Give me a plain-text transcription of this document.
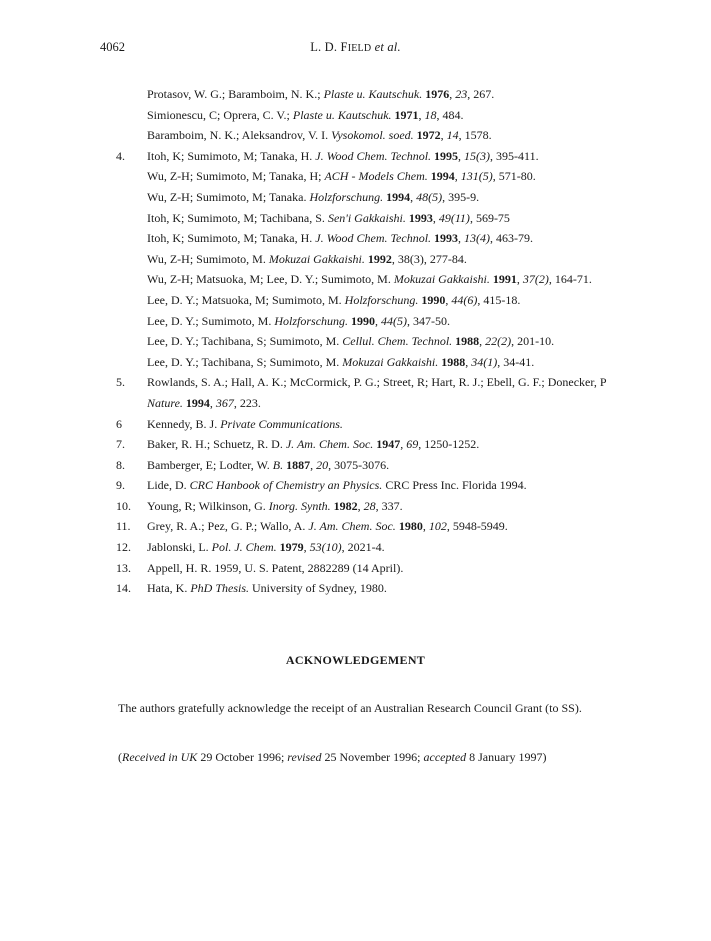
4062	L. D. FIELD et al.
Protasov, W. G.; Baramboim, N. K.; Plaste u. Kautschuk. 1976, 23, 267.
Simionescu, C; Oprera, C. V.; Plaste u. Kautschuk. 1971, 18, 484.
Baramboim, N. K.; Aleksandrov, V. I. Vysokomol. soed. 1972, 14, 1578.
4. Itoh, K; Sumimoto, M; Tanaka, H. J. Wood Chem. Technol. 1995, 15(3), 395-411.
Wu, Z-H; Sumimoto, M; Tanaka, H; ACH - Models Chem. 1994, 131(5), 571-80.
Wu, Z-H; Sumimoto, M; Tanaka. Holzforschung. 1994, 48(5), 395-9.
Itoh, K; Sumimoto, M; Tachibana, S. Sen'i Gakkaishi. 1993, 49(11), 569-75
Itoh, K; Sumimoto, M; Tanaka, H. J. Wood Chem. Technol. 1993, 13(4), 463-79.
Wu, Z-H; Sumimoto, M. Mokuzai Gakkaishi. 1992, 38(3), 277-84.
Wu, Z-H; Matsuoka, M; Lee, D. Y.; Sumimoto, M. Mokuzai Gakkaishi. 1991, 37(2), 164-71.
Lee, D. Y.; Matsuoka, M; Sumimoto, M. Holzforschung. 1990, 44(6), 415-18.
Lee, D. Y.; Sumimoto, M. Holzforschung. 1990, 44(5), 347-50.
Lee, D. Y.; Tachibana, S; Sumimoto, M. Cellul. Chem. Technol. 1988, 22(2), 201-10.
Lee, D. Y.; Tachibana, S; Sumimoto, M. Mokuzai Gakkaishi. 1988, 34(1), 34-41.
5. Rowlands, S. A.; Hall, A. K.; McCormick, P. G.; Street, R; Hart, R. J.; Ebell, G. F.; Donecker, P
Nature. 1994, 367, 223.
6 Kennedy, B. J. Private Communications.
7. Baker, R. H.; Schuetz, R. D. J. Am. Chem. Soc. 1947, 69, 1250-1252.
8. Bamberger, E; Lodter, W. B. 1887, 20, 3075-3076.
9. Lide, D. CRC Hanbook of Chemistry an Physics. CRC Press Inc. Florida 1994.
10. Young, R; Wilkinson, G. Inorg. Synth. 1982, 28, 337.
11. Grey, R. A.; Pez, G. P.; Wallo, A. J. Am. Chem. Soc. 1980, 102, 5948-5949.
12. Jablonski, L. Pol. J. Chem. 1979, 53(10), 2021-4.
13. Appell, H. R. 1959, U. S. Patent, 2882289 (14 April).
14. Hata, K. PhD Thesis. University of Sydney, 1980.
ACKNOWLEDGEMENT
The authors gratefully acknowledge the receipt of an Australian Research Council Grant (to SS).
(Received in UK 29 October 1996; revised 25 November 1996; accepted 8 January 1997)
